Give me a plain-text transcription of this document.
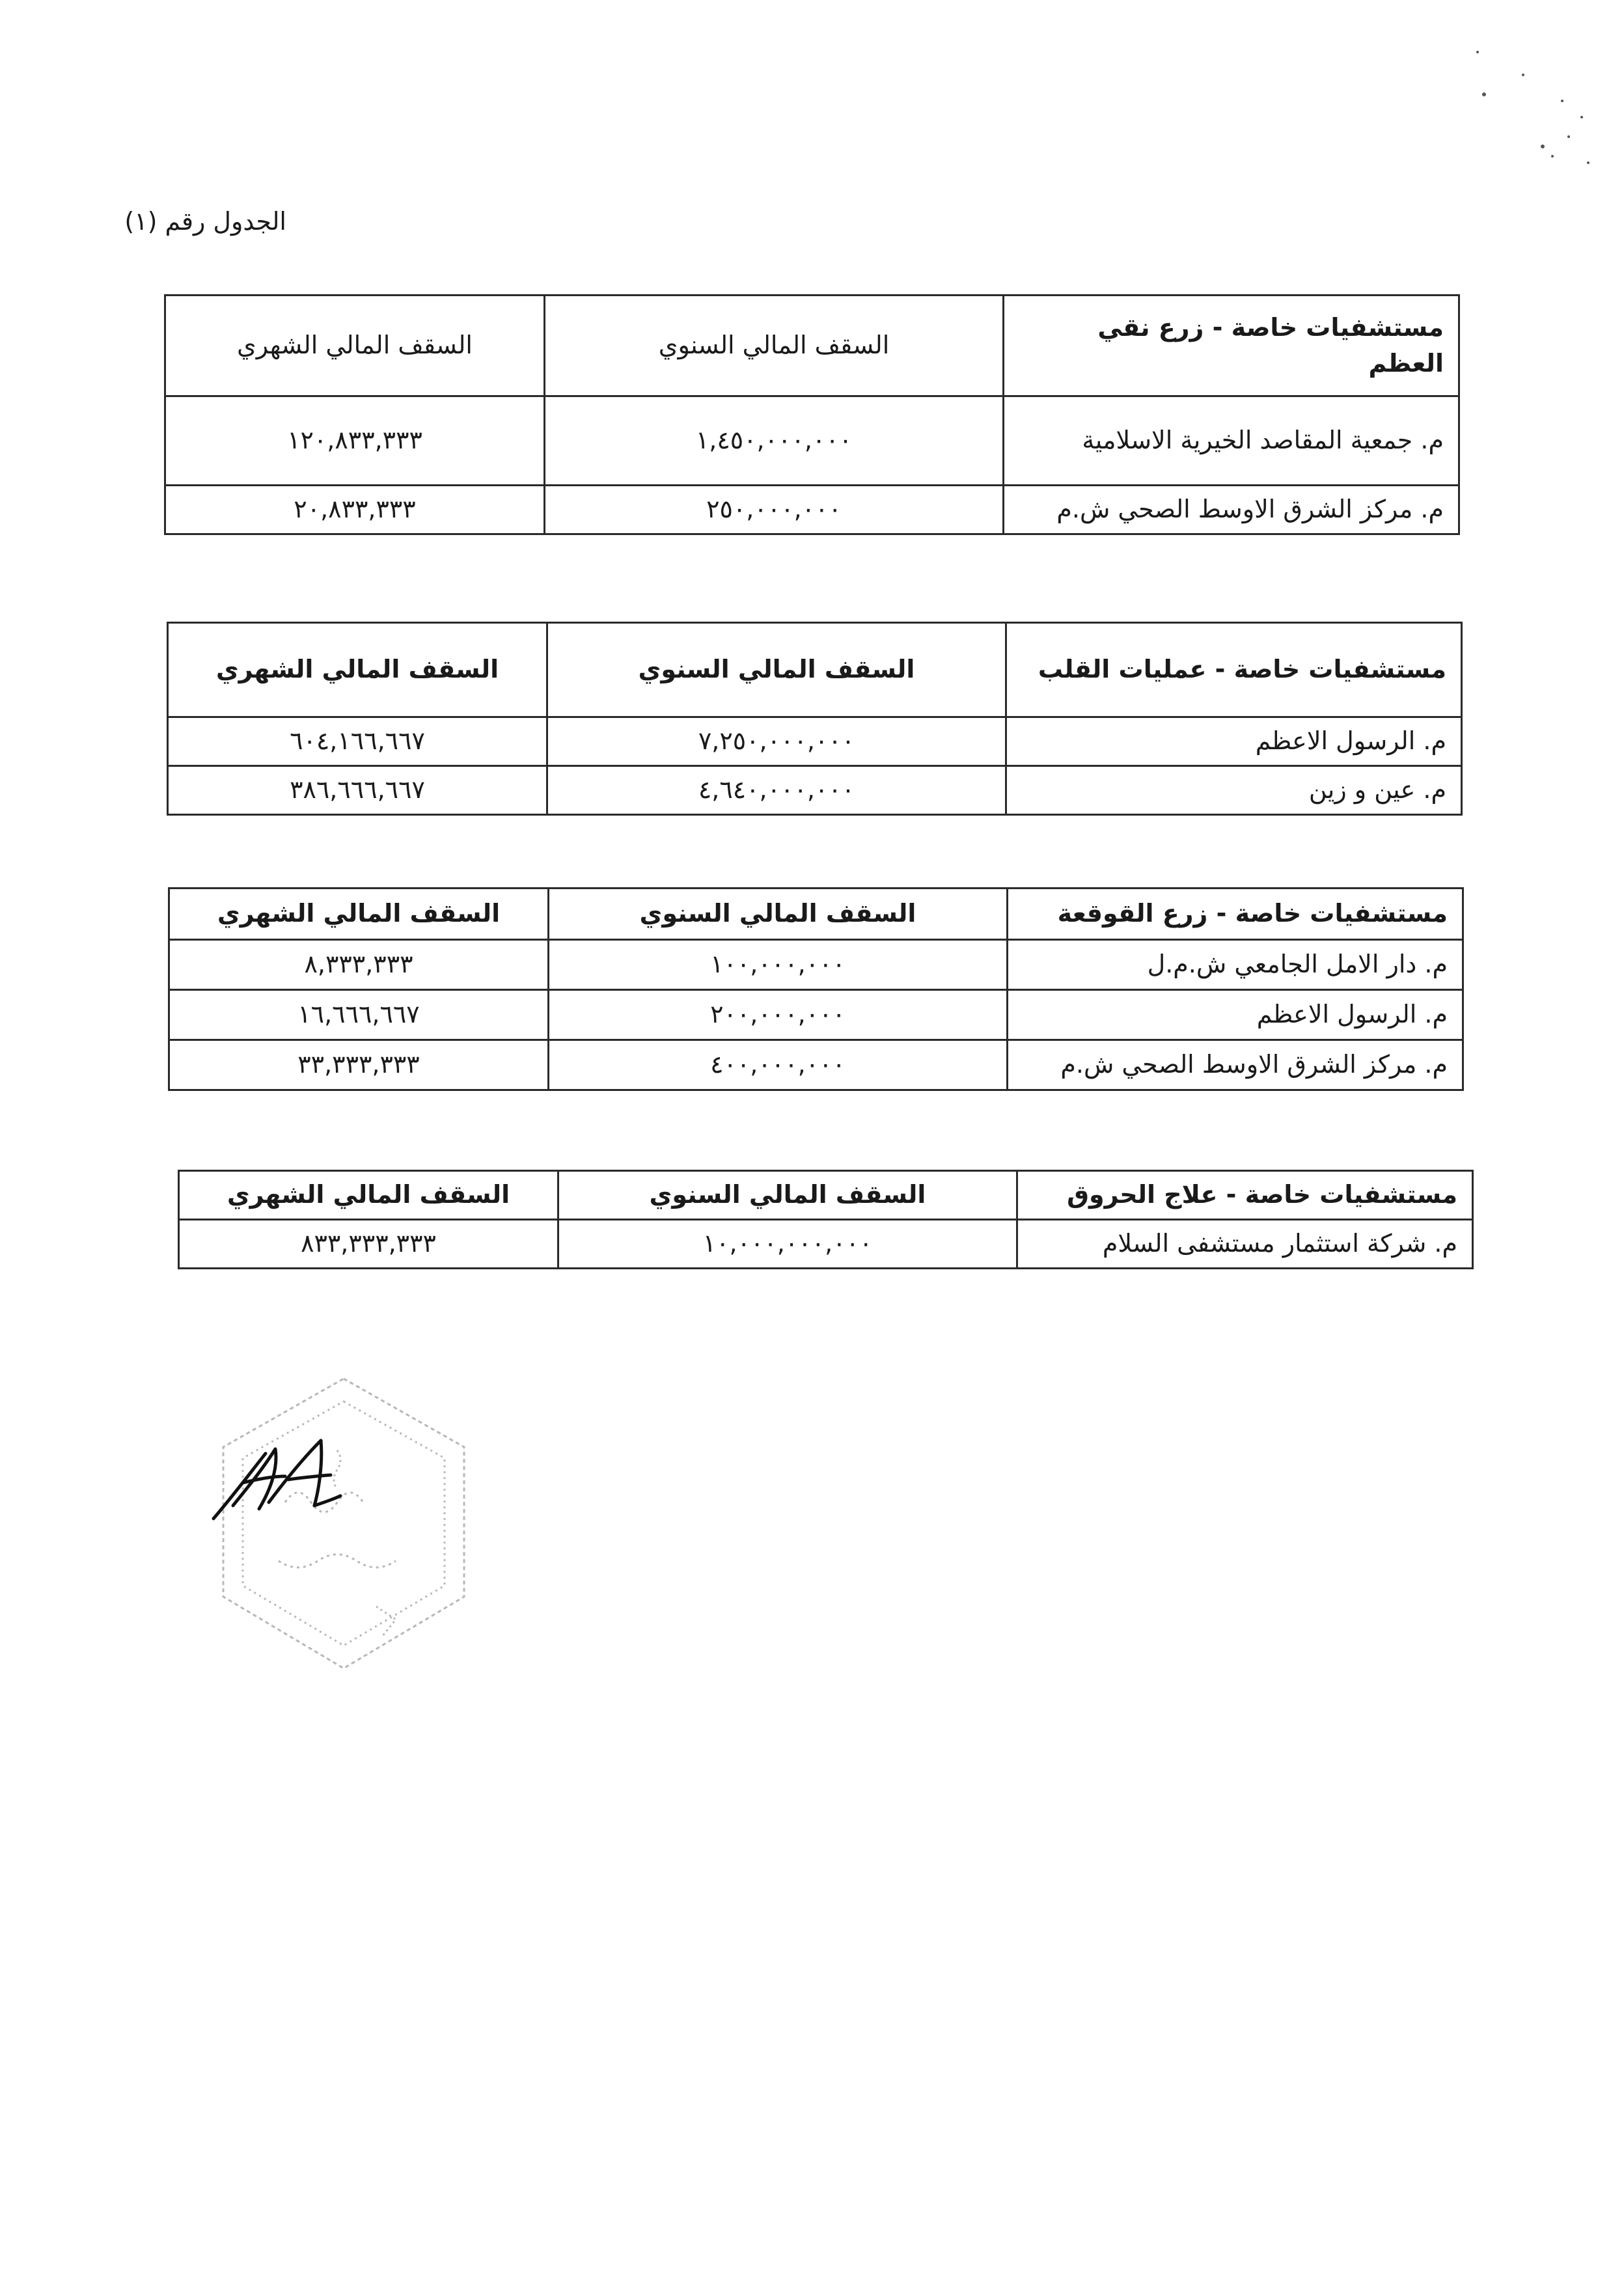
الجدول رقم (١)
مستشفيات خاصة - زرع نقي العظم	السقف المالي السنوي	السقف المالي الشهري
م. جمعية المقاصد الخيرية الاسلامية	١,٤٥٠,٠٠٠,٠٠٠	١٢٠,٨٣٣,٣٣٣
م. مركز الشرق الاوسط الصحي ش.م	٢٥٠,٠٠٠,٠٠٠	٢٠,٨٣٣,٣٣٣
مستشفيات خاصة - عمليات القلب	السقف المالي السنوي	السقف المالي الشهري
م. الرسول الاعظم	٧,٢٥٠,٠٠٠,٠٠٠	٦٠٤,١٦٦,٦٦٧
م. عين و زين	٤,٦٤٠,٠٠٠,٠٠٠	٣٨٦,٦٦٦,٦٦٧
مستشفيات خاصة - زرع القوقعة	السقف المالي السنوي	السقف المالي الشهري
م. دار الامل الجامعي ش.م.ل	١٠٠,٠٠٠,٠٠٠	٨,٣٣٣,٣٣٣
م. الرسول الاعظم	٢٠٠,٠٠٠,٠٠٠	١٦,٦٦٦,٦٦٧
م. مركز الشرق الاوسط الصحي ش.م	٤٠٠,٠٠٠,٠٠٠	٣٣,٣٣٣,٣٣٣
مستشفيات خاصة - علاج الحروق	السقف المالي السنوي	السقف المالي الشهري
م. شركة استثمار مستشفى السلام	١٠,٠٠٠,٠٠٠,٠٠٠	٨٣٣,٣٣٣,٣٣٣
